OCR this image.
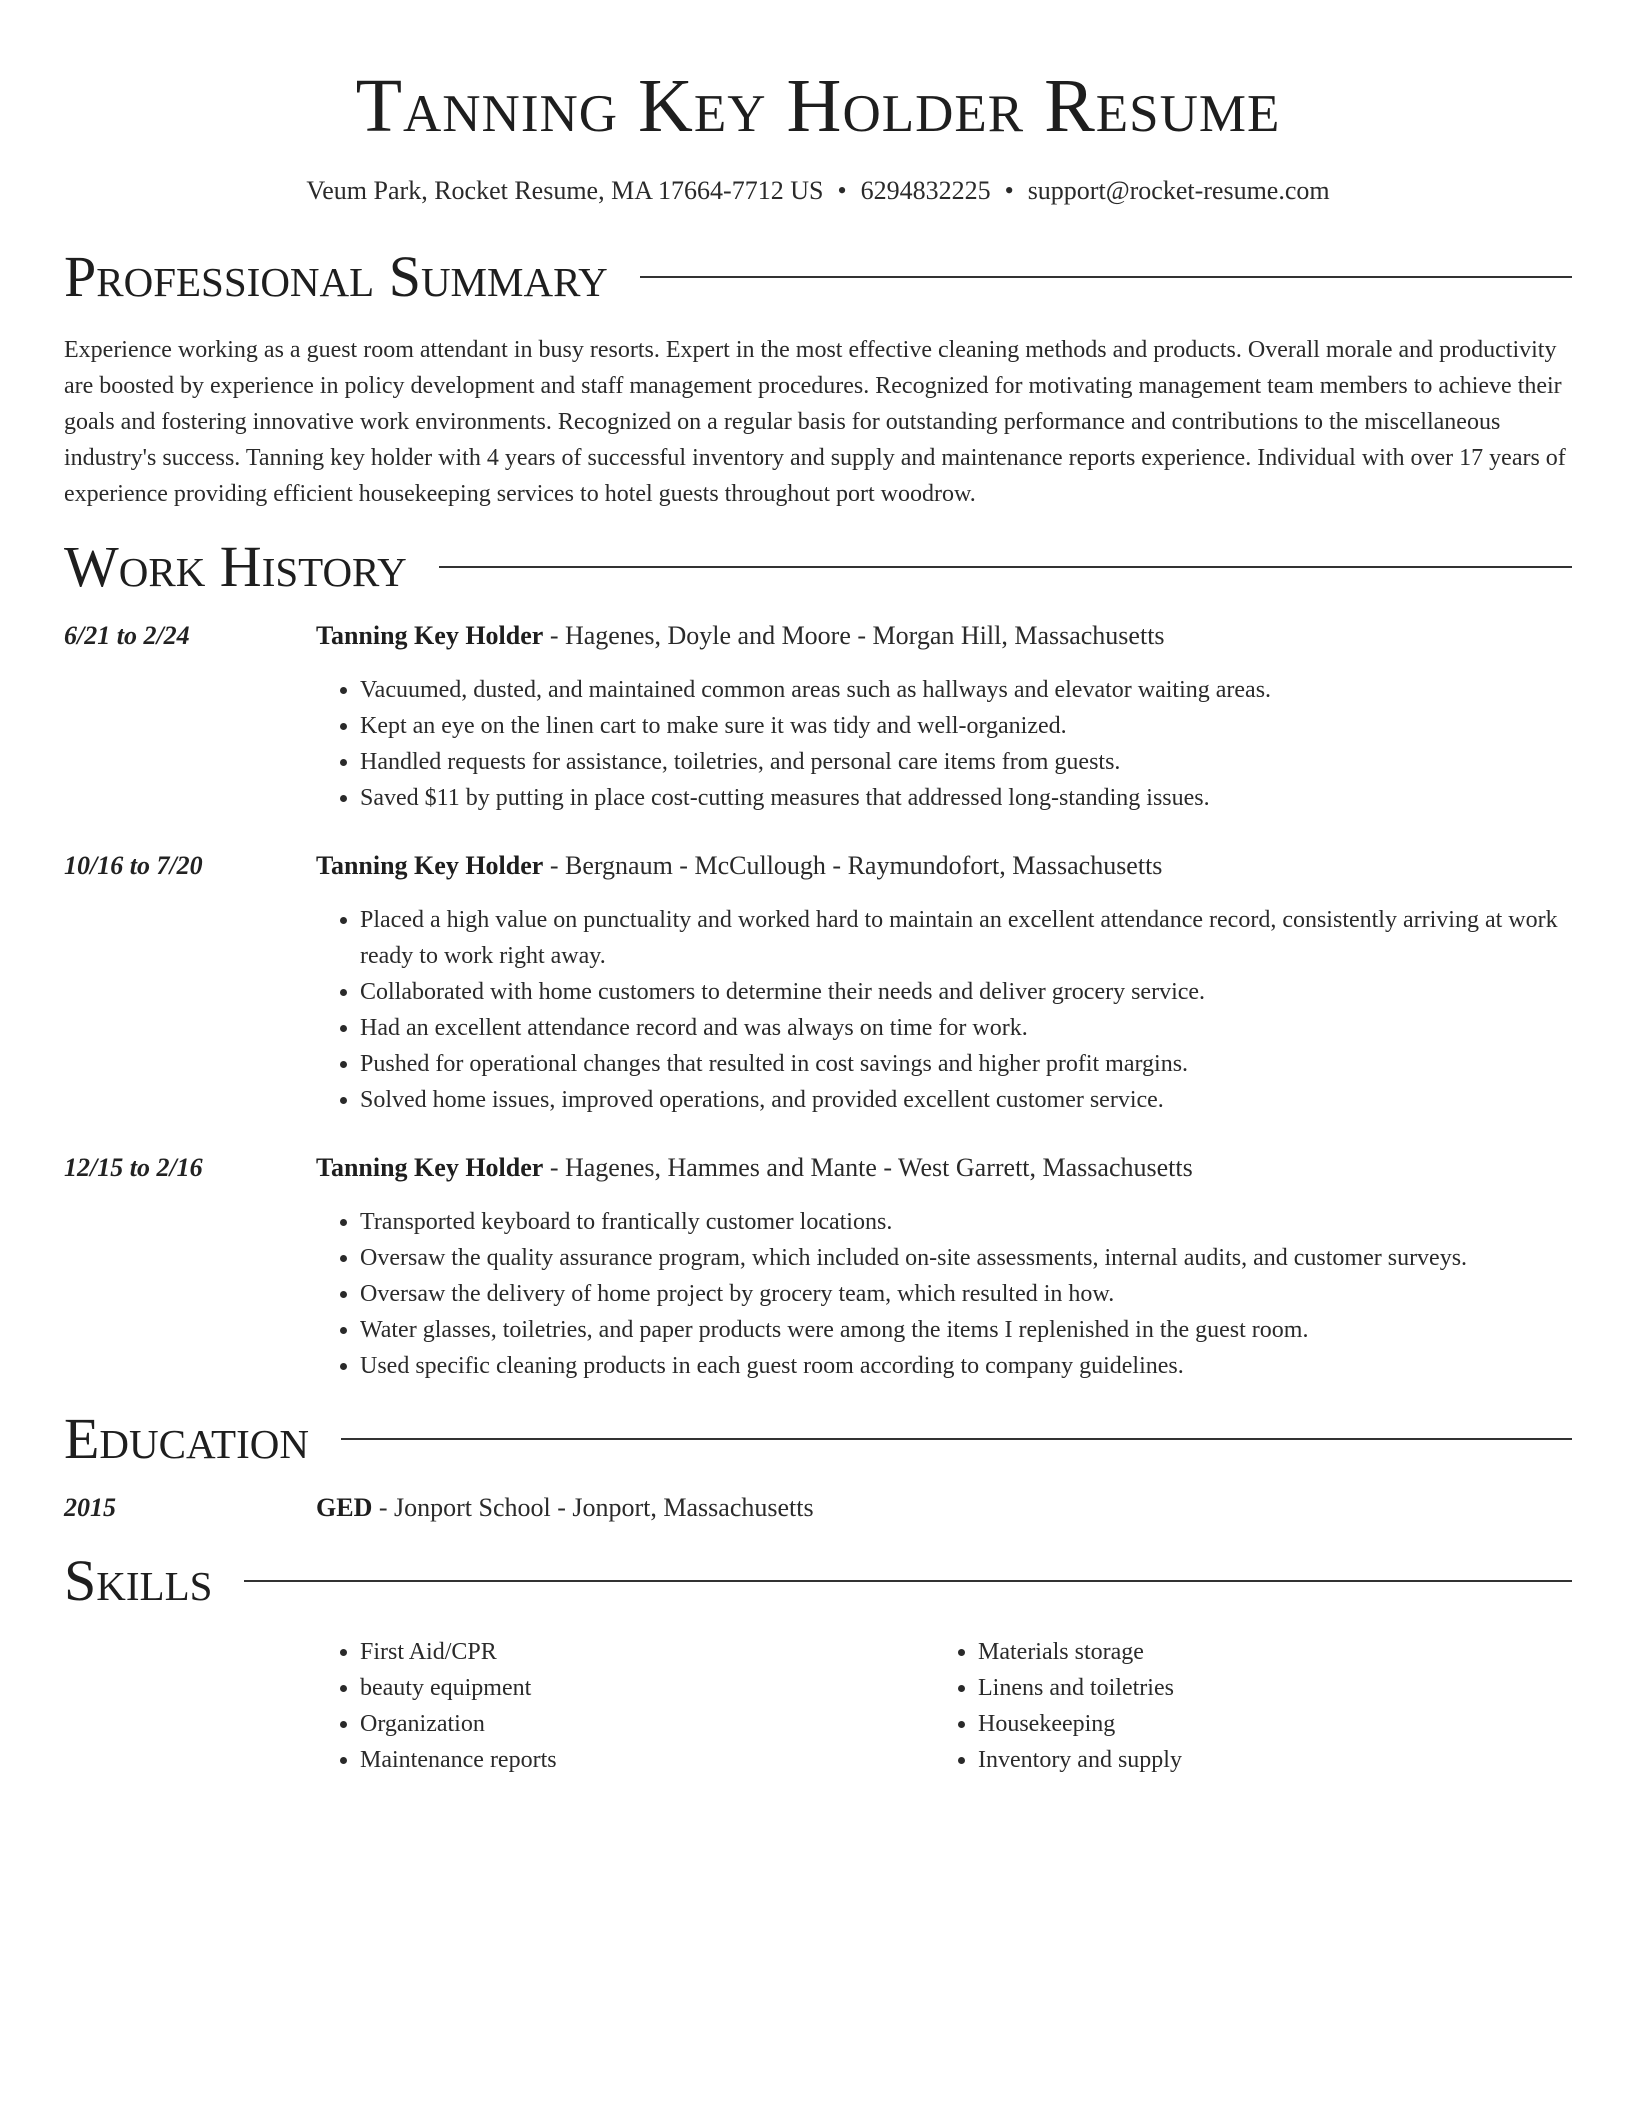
Tanning Key Holder Resume
Veum Park, Rocket Resume, MA 17664-7712 US • 6294832225 • support@rocket-resume.com
Professional Summary

Experience working as a guest room attendant in busy resorts. Expert in the most effective cleaning methods and products. Overall morale and productivity are boosted by experience in policy development and staff management procedures. Recognized for motivating management team members to achieve their goals and fostering innovative work environments. Recognized on a regular basis for outstanding performance and contributions to the miscellaneous industry's success. Tanning key holder with 4 years of successful inventory and supply and maintenance reports experience. Individual with over 17 years of experience providing efficient housekeeping services to hotel guests throughout port woodrow.

Work History
6/21 to 2/24	Tanning Key Holder - Hagenes, Doyle and Moore - Morgan Hill, Massachusetts
• Vacuumed, dusted, and maintained common areas such as hallways and elevator waiting areas.
• Kept an eye on the linen cart to make sure it was tidy and well-organized.
• Handled requests for assistance, toiletries, and personal care items from guests.
• Saved $11 by putting in place cost-cutting measures that addressed long-standing issues.
10/16 to 7/20	Tanning Key Holder - Bergnaum - McCullough - Raymundofort, Massachusetts
• Placed a high value on punctuality and worked hard to maintain an excellent attendance record, consistently arriving at work ready to work right away.
• Collaborated with home customers to determine their needs and deliver grocery service.
• Had an excellent attendance record and was always on time for work.
• Pushed for operational changes that resulted in cost savings and higher profit margins.
• Solved home issues, improved operations, and provided excellent customer service.
12/15 to 2/16	Tanning Key Holder - Hagenes, Hammes and Mante - West Garrett, Massachusetts
• Transported keyboard to frantically customer locations.
• Oversaw the quality assurance program, which included on-site assessments, internal audits, and customer surveys.
• Oversaw the delivery of home project by grocery team, which resulted in how.
• Water glasses, toiletries, and paper products were among the items I replenished in the guest room.
• Used specific cleaning products in each guest room according to company guidelines.
Education
2015	GED - Jonport School - Jonport, Massachusetts
Skills
• First Aid/CPR
• beauty equipment
• Organization
• Maintenance reports
• Materials storage
• Linens and toiletries
• Housekeeping
• Inventory and supply
